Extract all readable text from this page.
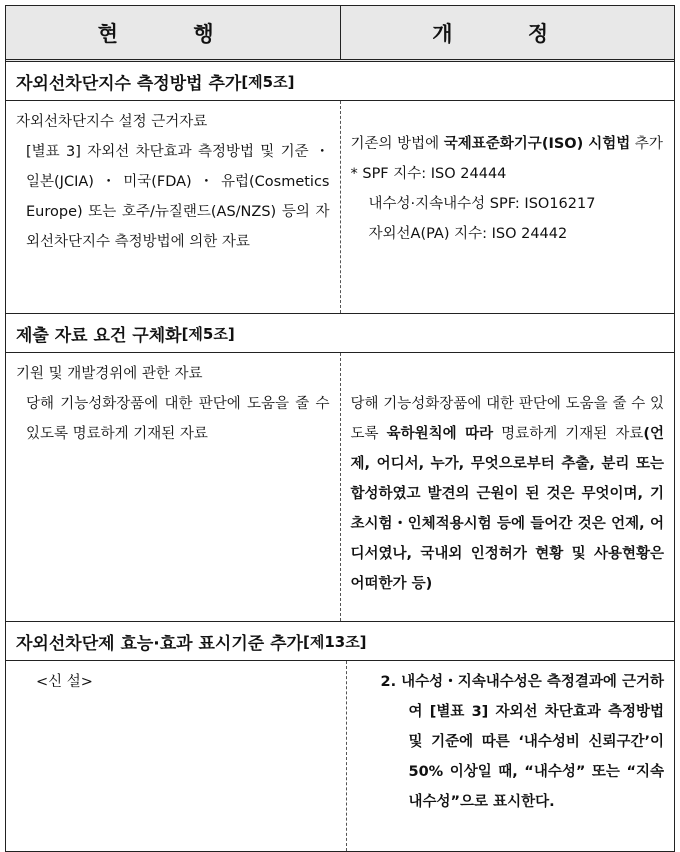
현 행	개 정
자외선차단지수 측정방법 추가 [제5조]
자외선차단지수 설정 근거자료
[별표 3] 자외선 차단효과 측정방법 및 기준 ・일본(JCIA)・미국(FDA)・유럽(Cosmetics Europe) 또는 호주/뉴질랜드(AS/NZS) 등의 자외선차단지수 측정방법에 의한 자료
기존의 방법에 국제표준화기구(ISO) 시험법 추가
* SPF 지수: ISO 24444
내수성·지속내수성 SPF: ISO16217
자외선A(PA) 지수: ISO 24442
제출 자료 요건 구체화 [제5조]
기원 및 개발경위에 관한 자료
당해 기능성화장품에 대한 판단에 도움을 줄 수 있도록 명료하게 기재된 자료
당해 기능성화장품에 대한 판단에 도움을 줄 수 있도록 육하원칙에 따라 명료하게 기재된 자료(언제, 어디서, 누가, 무엇으로부터 추출, 분리 또는 합성하였고 발견의 근원이 된 것은 무엇이며, 기초시험・인체적용시험 등에 들어간 것은 언제, 어디서였나, 국내외 인정허가 현황 및 사용현황은 어떠한가 등)
자외선차단제 효능·효과 표시기준 추가 [제13조]
<신 설>	2. 내수성・지속내수성은 측정결과에 근거하여 [별표 3] 자외선 차단효과 측정방법 및 기준에 따른 ‘내수성비 신뢰구간’이 50% 이상일 때, “내수성” 또는 “지속내수성”으로 표시한다.
